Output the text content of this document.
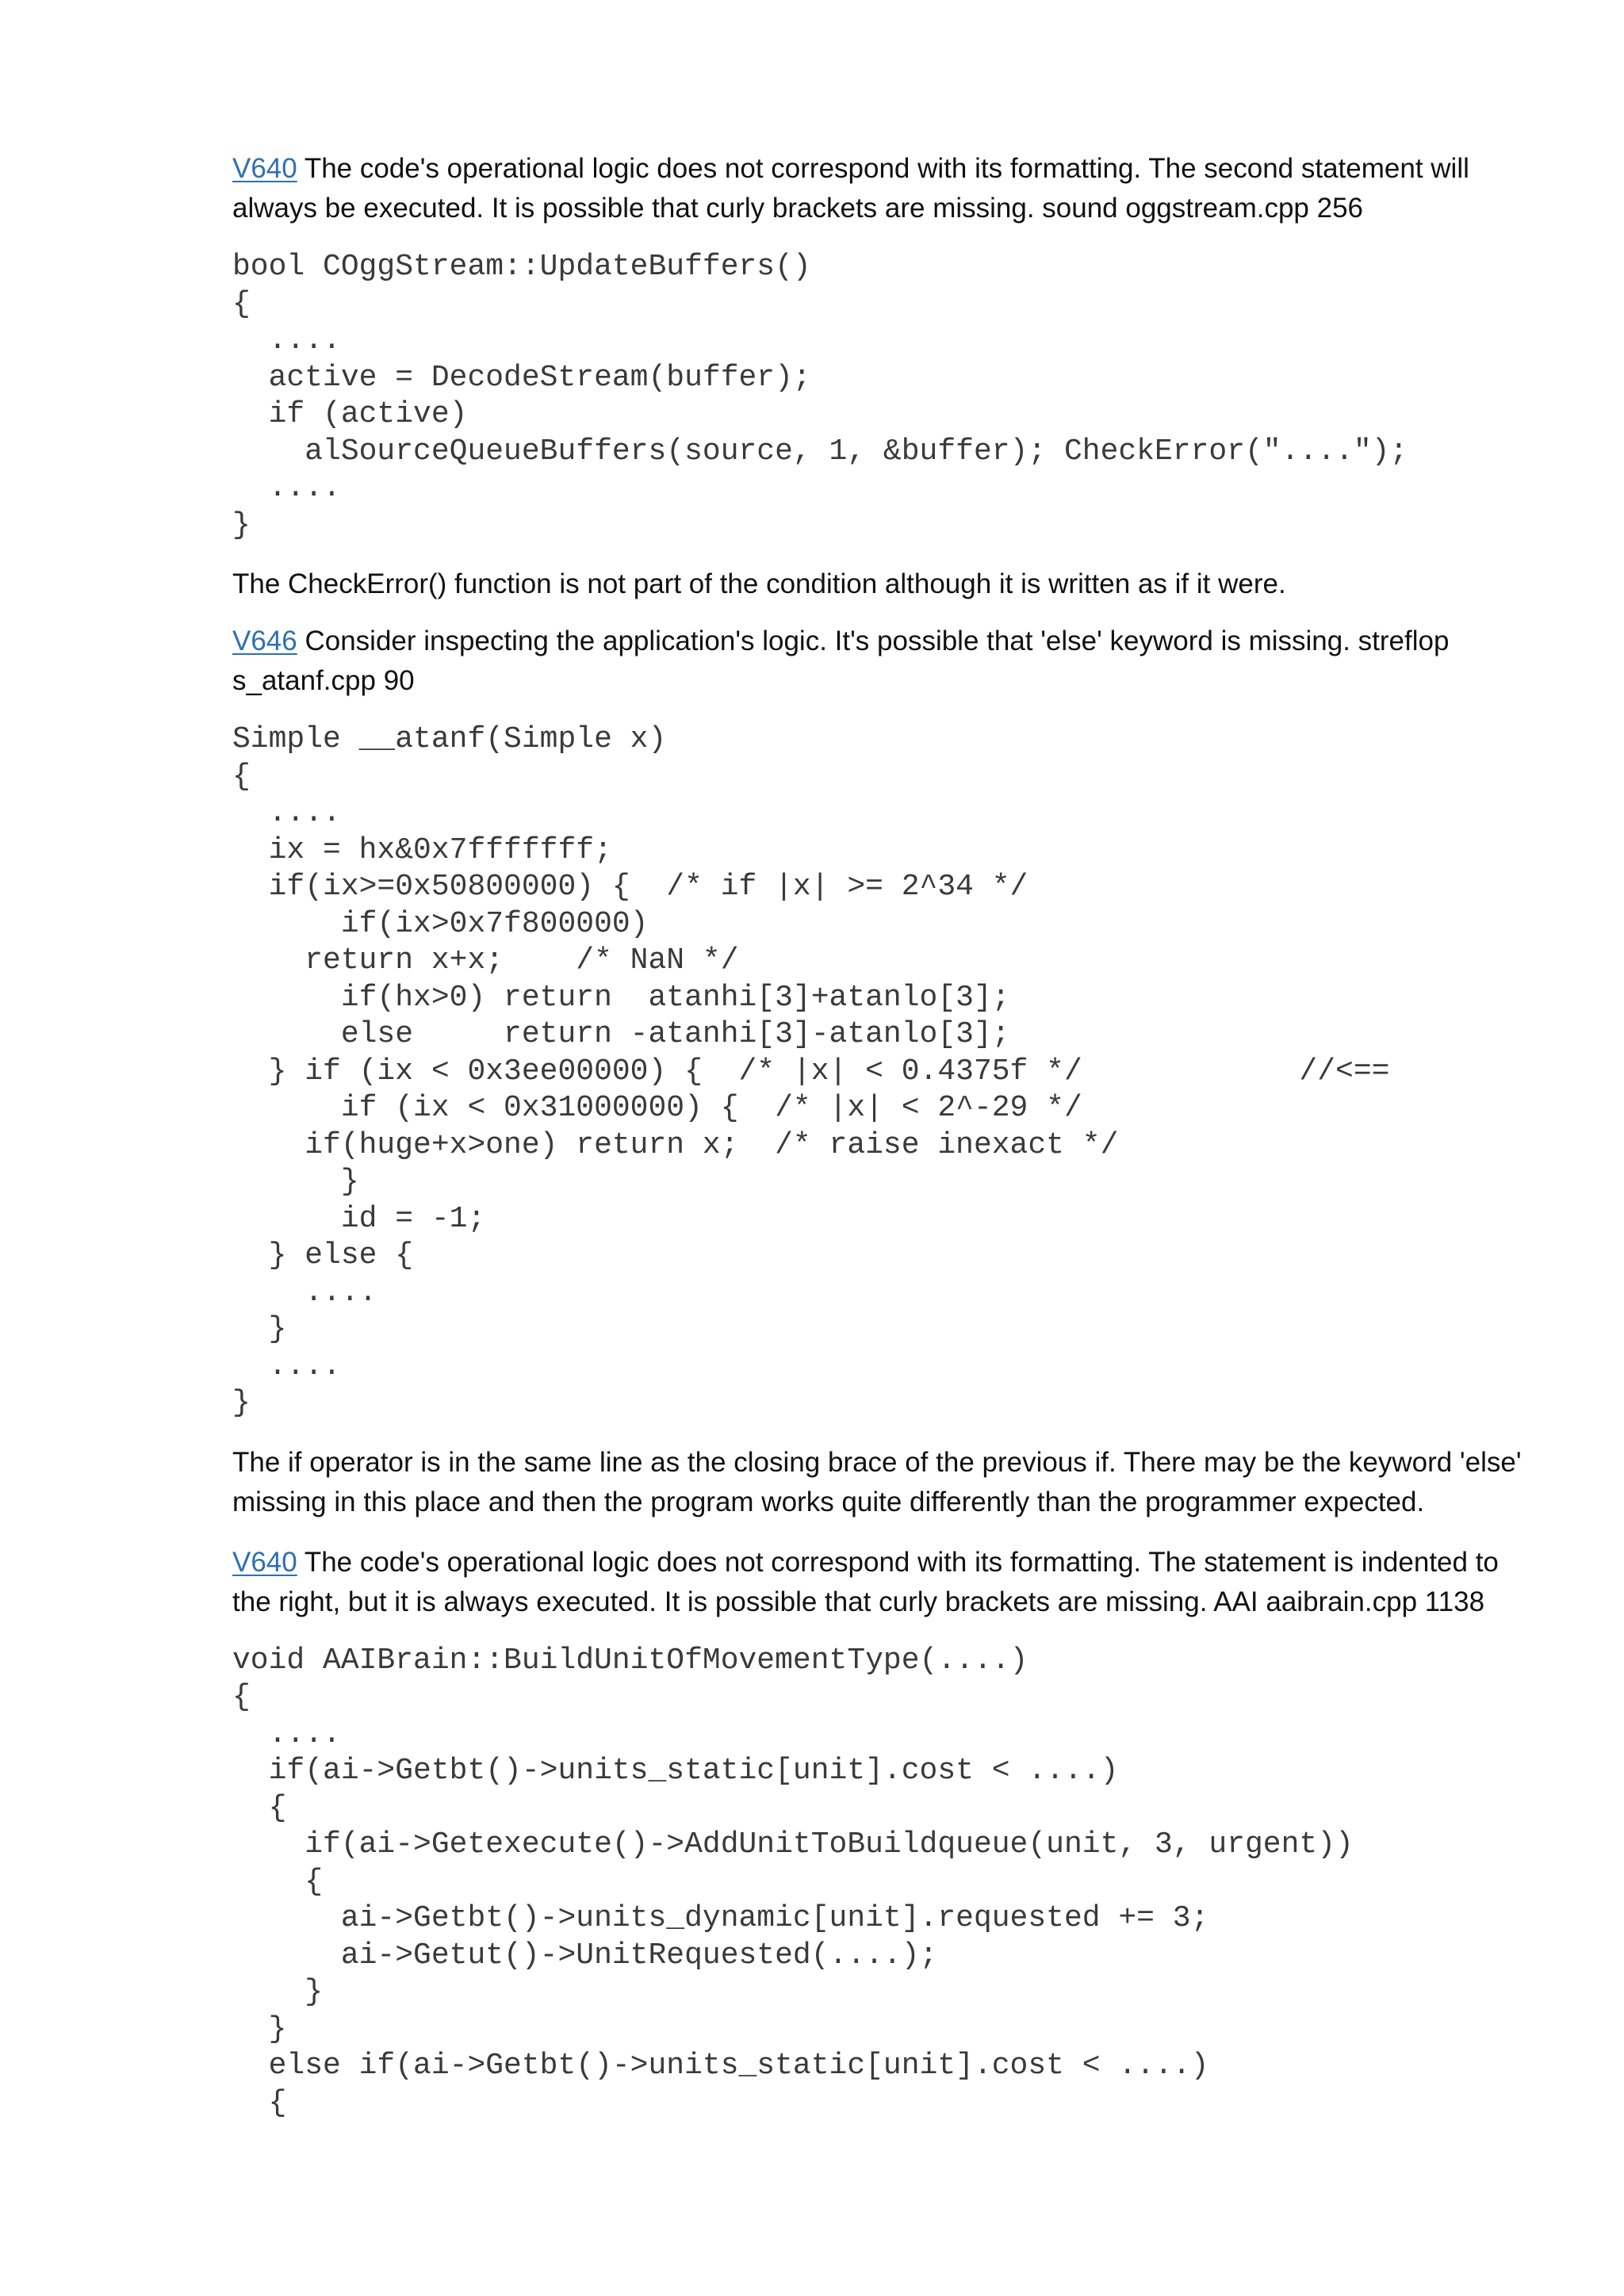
V640 The code's operational logic does not correspond with its formatting. The second statement will always be executed. It is possible that curly brackets are missing. sound oggstream.cpp 256

bool COggStream::UpdateBuffers()
{
....
active = DecodeStream(buffer);
if (active)
alSourceQueueBuffers(source, 1, &buffer); CheckError("....");
....
}

The CheckError() function is not part of the condition although it is written as if it were.

V646 Consider inspecting the application's logic. It's possible that 'else' keyword is missing. streflop s_atanf.cpp 90

Simple __atanf(Simple x)
{
....
ix = hx&0x7fffffff;
if(ix>=0x50800000) {  /* if |x| >= 2^34 */
if(ix>0x7f800000)
return x+x;    /* NaN */
if(hx>0) return  atanhi[3]+atanlo[3];
else     return -atanhi[3]-atanlo[3];
} if (ix < 0x3ee00000) {  /* |x| < 0.4375f */            //<==
if (ix < 0x31000000) {  /* |x| < 2^-29 */
if(huge+x>one) return x;  /* raise inexact */
}
id = -1;
} else {
....
}
....
}

The if operator is in the same line as the closing brace of the previous if. There may be the keyword 'else' missing in this place and then the program works quite differently than the programmer expected.

V640 The code's operational logic does not correspond with its formatting. The statement is indented to the right, but it is always executed. It is possible that curly brackets are missing. AAI aaibrain.cpp 1138

void AAIBrain::BuildUnitOfMovementType(....)
{
....
if(ai->Getbt()->units_static[unit].cost < ....)
{
if(ai->Getexecute()->AddUnitToBuildqueue(unit, 3, urgent))
{
ai->Getbt()->units_dynamic[unit].requested += 3;
ai->Getut()->UnitRequested(....);
}
}
else if(ai->Getbt()->units_static[unit].cost < ....)
{
